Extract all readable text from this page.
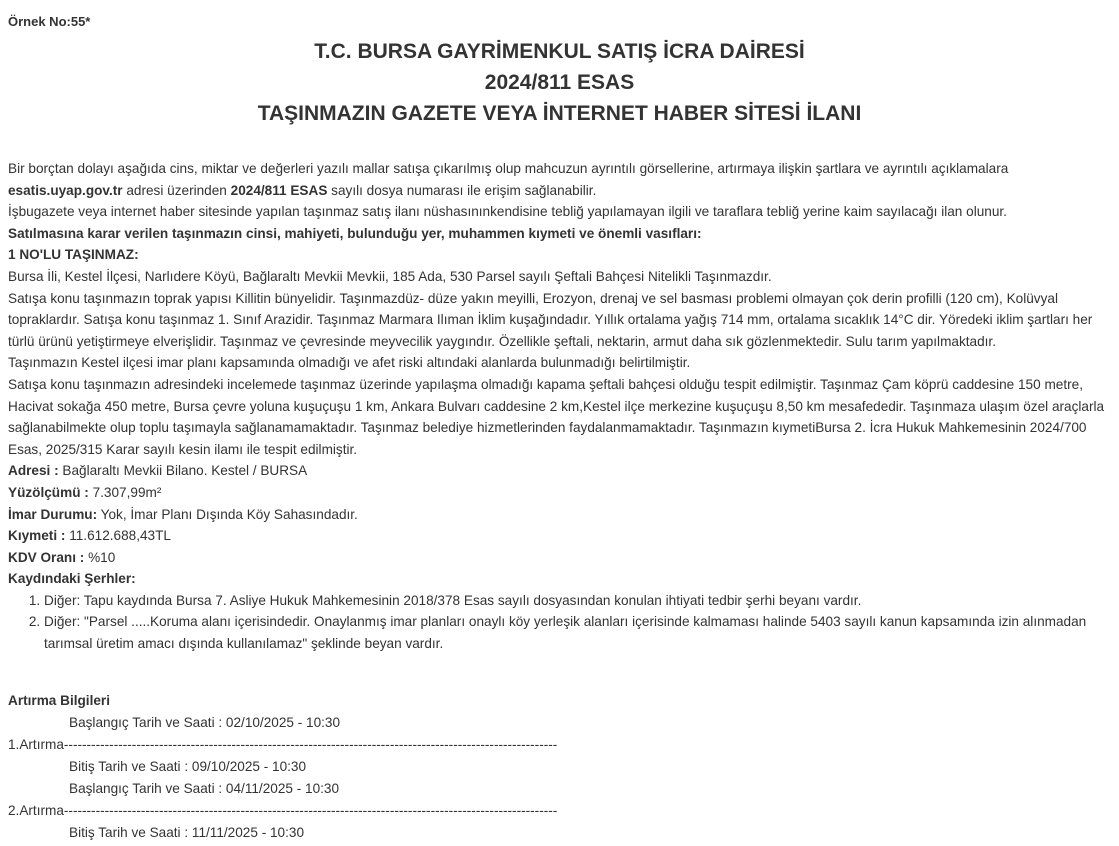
Örnek No:55*
T.C. BURSA GAYRİMENKUL SATIŞ İCRA DAİRESİ
2024/811 ESAS
TAŞINMAZIN GAZETE VEYA İNTERNET HABER SİTESİ İLANI

Bir borçtan dolayı aşağıda cins, miktar ve değerleri yazılı mallar satışa çıkarılmış olup mahcuzun ayrıntılı görsellerine, artırmaya ilişkin şartlara ve ayrıntılı açıklamalara
esatis.uyap.gov.tr adresi üzerinden 2024/811 ESAS sayılı dosya numarası ile erişim sağlanabilir.

İşbugazete veya internet haber sitesinde yapılan taşınmaz satış ilanı nüshasınınkendisine tebliğ yapılamayan ilgili ve taraflara tebliğ yerine kaim sayılacağı ilan olunur.

Satılmasına karar verilen taşınmazın cinsi, mahiyeti, bulunduğu yer, muhammen kıymeti ve önemli vasıfları:

1 NO'LU TAŞINMAZ:

Bursa İli, Kestel İlçesi, Narlıdere Köyü, Bağlaraltı Mevkii Mevkii, 185 Ada, 530 Parsel sayılı Şeftali Bahçesi Nitelikli Taşınmazdır.

Satışa konu taşınmazın toprak yapısı Killitin bünyelidir. Taşınmazdüz- düze yakın meyilli, Erozyon, drenaj ve sel basması problemi olmayan çok derin profilli (120 cm), Kolüvyal topraklardır. Satışa konu taşınmaz 1. Sınıf Arazidir. Taşınmaz Marmara Ilıman İklim kuşağındadır. Yıllık ortalama yağış 714 mm, ortalama sıcaklık 14°C dir. Yöredeki iklim şartları her türlü ürünü yetiştirmeye elverişlidir. Taşınmaz ve çevresinde meyvecilik yaygındır. Özellikle şeftali, nektarin, armut daha sık gözlenmektedir. Sulu tarım yapılmaktadır.

Taşınmazın Kestel ilçesi imar planı kapsamında olmadığı ve afet riski altındaki alanlarda bulunmadığı belirtilmiştir.

Satışa konu taşınmazın adresindeki incelemede taşınmaz üzerinde yapılaşma olmadığı kapama şeftali bahçesi olduğu tespit edilmiştir. Taşınmaz Çam köprü caddesine 150 metre, Hacivat sokağa 450 metre, Bursa çevre yoluna kuşuçuşu 1 km, Ankara Bulvarı caddesine 2 km,Kestel ilçe merkezine kuşuçuşu 8,50 km mesafededir. Taşınmaza ulaşım özel araçlarla sağlanabilmekte olup toplu taşımayla sağlanamamaktadır. Taşınmaz belediye hizmetlerinden faydalanmamaktadır. Taşınmazın kıymetiBursa 2. İcra Hukuk Mahkemesinin 2024/700 Esas, 2025/315 Karar sayılı kesin ilamı ile tespit edilmiştir.

Adresi : Bağlaraltı Mevkii Bilano. Kestel / BURSA

Yüzölçümü : 7.307,99m²

İmar Durumu: Yok, İmar Planı Dışında Köy Sahasındadır.

Kıymeti : 11.612.688,43TL

KDV Oranı : %10

Kaydındaki Şerhler:

1. Diğer: Tapu kaydında Bursa 7. Asliye Hukuk Mahkemesinin 2018/378 Esas sayılı dosyasından konulan ihtiyati tedbir şerhi beyanı vardır.
2. Diğer: "Parsel .....Koruma alanı içerisindedir. Onaylanmış imar planları onaylı köy yerleşik alanları içerisinde kalmaması halinde 5403 sayılı kanun kapsamında izin alınmadan tarımsal üretim amacı dışında kullanılamaz" şeklinde beyan vardır.
Artırma Bilgileri
Başlangıç Tarih ve Saati : 02/10/2025 - 10:30
1.Artırma-------------------------------------------------------------------------------------------------------------
Bitiş Tarih ve Saati : 09/10/2025 - 10:30
Başlangıç Tarih ve Saati : 04/11/2025 - 10:30
2.Artırma-------------------------------------------------------------------------------------------------------------
Bitiş Tarih ve Saati : 11/11/2025 - 10:30
